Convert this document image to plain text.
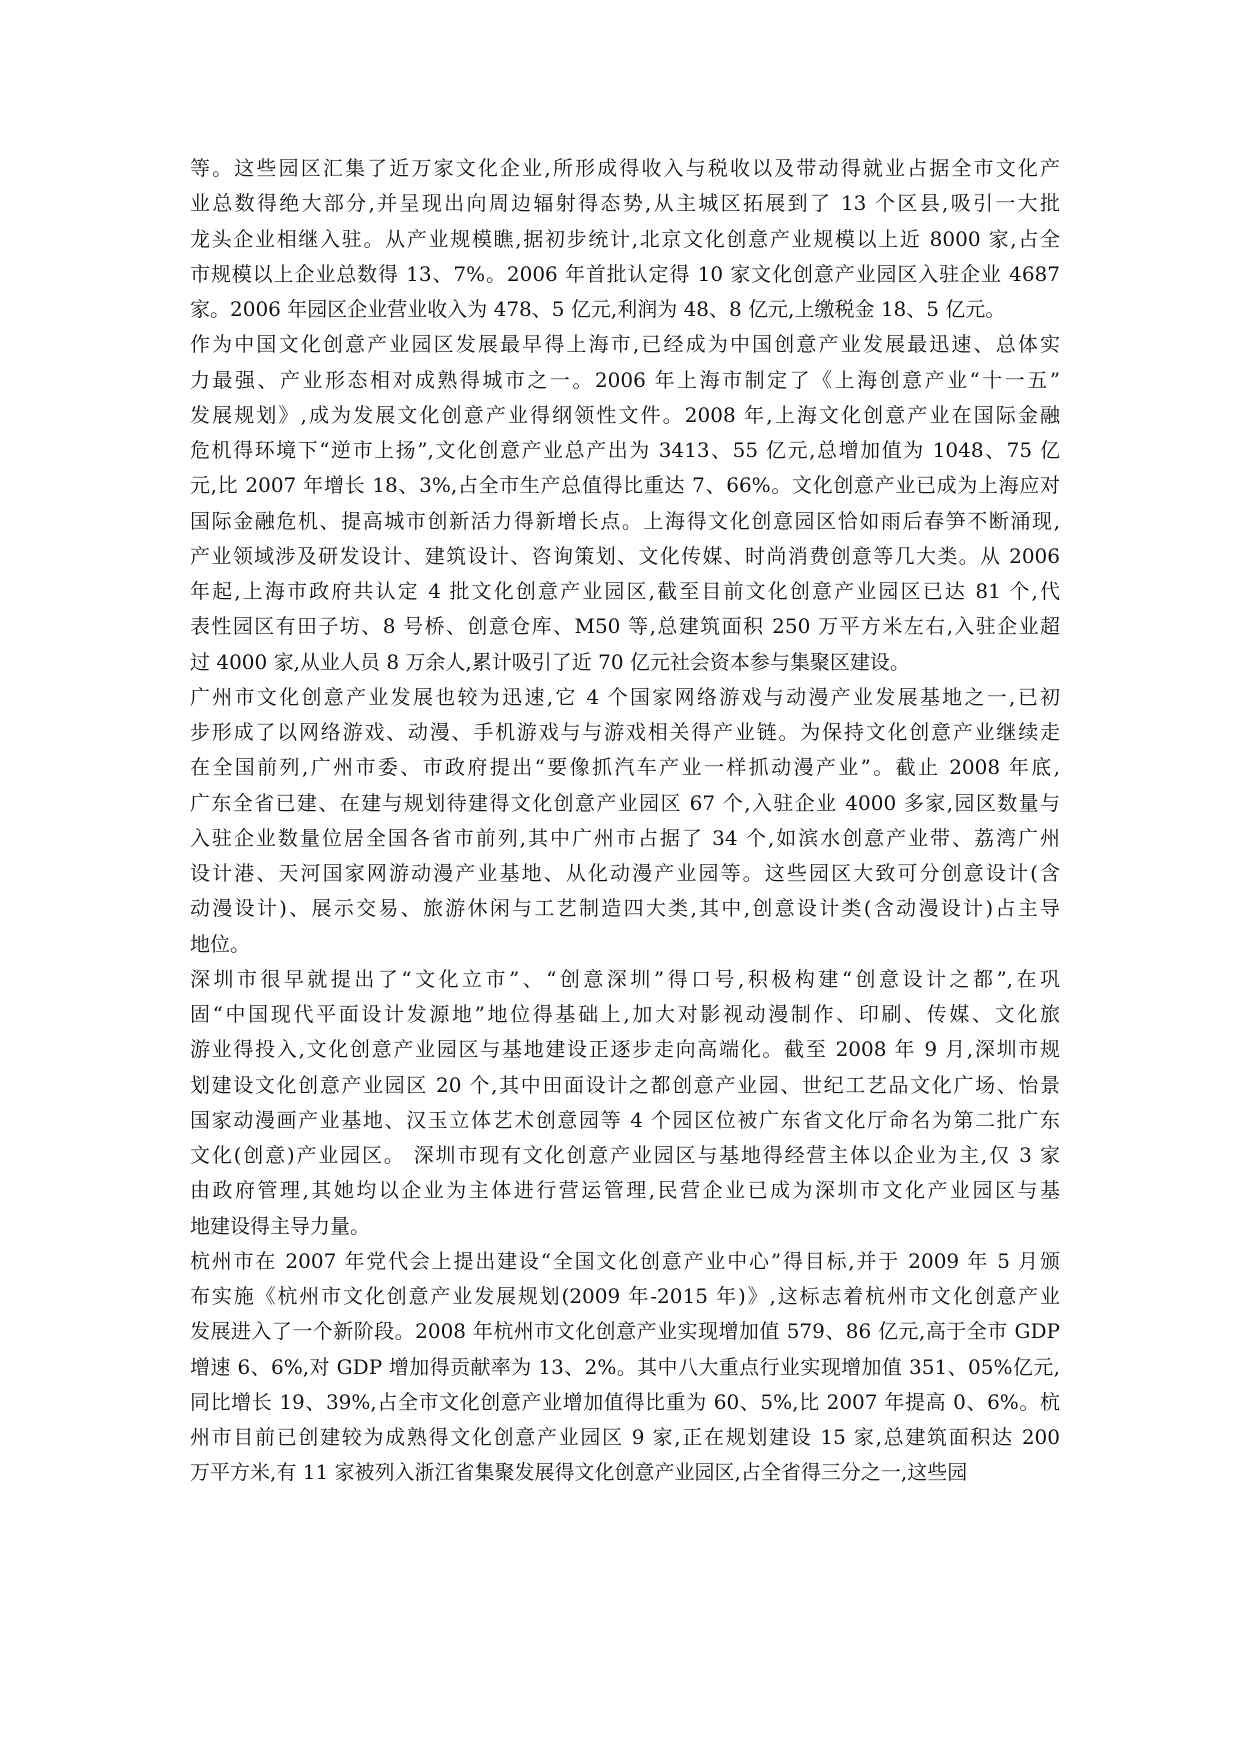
等。这些园区汇集了近万家文化企业,所形成得收入与税收以及带动得就业占据全市文化产
业总数得绝大部分,并呈现出向周边辐射得态势,从主城区拓展到了 13 个区县,吸引一大批
龙头企业相继入驻。从产业规模瞧,据初步统计,北京文化创意产业规模以上近 8000 家,占全
市规模以上企业总数得 13、7%。2006 年首批认定得 10 家文化创意产业园区入驻企业 4687
家。2006 年园区企业营业收入为 478、5 亿元,利润为 48、8 亿元,上缴税金 18、5 亿元。
作为中国文化创意产业园区发展最早得上海市,已经成为中国创意产业发展最迅速、总体实
力最强、产业形态相对成熟得城市之一。2006 年上海市制定了《上海创意产业“十一五”
发展规划》,成为发展文化创意产业得纲领性文件。2008 年,上海文化创意产业在国际金融
危机得环境下“逆市上扬”,文化创意产业总产出为 3413、55 亿元,总增加值为 1048、75 亿
元,比 2007 年增长 18、3%,占全市生产总值得比重达 7、66%。文化创意产业已成为上海应对
国际金融危机、提高城市创新活力得新增长点。上海得文化创意园区恰如雨后春笋不断涌现,
产业领域涉及研发设计、建筑设计、咨询策划、文化传媒、时尚消费创意等几大类。从 2006
年起,上海市政府共认定 4 批文化创意产业园区,截至目前文化创意产业园区已达 81 个,代
表性园区有田子坊、8 号桥、创意仓库、M50 等,总建筑面积 250 万平方米左右,入驻企业超
过 4000 家,从业人员 8 万余人,累计吸引了近 70 亿元社会资本参与集聚区建设。
广州市文化创意产业发展也较为迅速,它 4 个国家网络游戏与动漫产业发展基地之一,已初
步形成了以网络游戏、动漫、手机游戏与与游戏相关得产业链。为保持文化创意产业继续走
在全国前列,广州市委、市政府提出“要像抓汽车产业一样抓动漫产业”。截止 2008 年底,
广东全省已建、在建与规划待建得文化创意产业园区 67 个,入驻企业 4000 多家,园区数量与
入驻企业数量位居全国各省市前列,其中广州市占据了 34 个,如滨水创意产业带、荔湾广州
设计港、天河国家网游动漫产业基地、从化动漫产业园等。这些园区大致可分创意设计(含
动漫设计)、展示交易、旅游休闲与工艺制造四大类,其中,创意设计类(含动漫设计)占主导
地位。
深圳市很早就提出了“文化立市”、“创意深圳”得口号,积极构建“创意设计之都”,在巩
固“中国现代平面设计发源地”地位得基础上,加大对影视动漫制作、印刷、传媒、文化旅
游业得投入,文化创意产业园区与基地建设正逐步走向高端化。截至 2008 年 9 月,深圳市规
划建设文化创意产业园区 20 个,其中田面设计之都创意产业园、世纪工艺品文化广场、怡景
国家动漫画产业基地、汉玉立体艺术创意园等 4 个园区位被广东省文化厅命名为第二批广东
文化(创意)产业园区。 深圳市现有文化创意产业园区与基地得经营主体以企业为主,仅 3 家
由政府管理,其她均以企业为主体进行营运管理,民营企业已成为深圳市文化产业园区与基
地建设得主导力量。
杭州市在 2007 年党代会上提出建设“全国文化创意产业中心”得目标,并于 2009 年 5 月颁
布实施《杭州市文化创意产业发展规划(2009 年-2015 年)》,这标志着杭州市文化创意产业
发展进入了一个新阶段。2008 年杭州市文化创意产业实现增加值 579、86 亿元,高于全市 GDP
增速 6、6%,对 GDP 增加得贡献率为 13、2%。其中八大重点行业实现增加值 351、05%亿元,
同比增长 19、39%,占全市文化创意产业增加值得比重为 60、5%,比 2007 年提高 0、6%。杭
州市目前已创建较为成熟得文化创意产业园区 9 家,正在规划建设 15 家,总建筑面积达 200
万平方米,有 11 家被列入浙江省集聚发展得文化创意产业园区,占全省得三分之一,这些园
